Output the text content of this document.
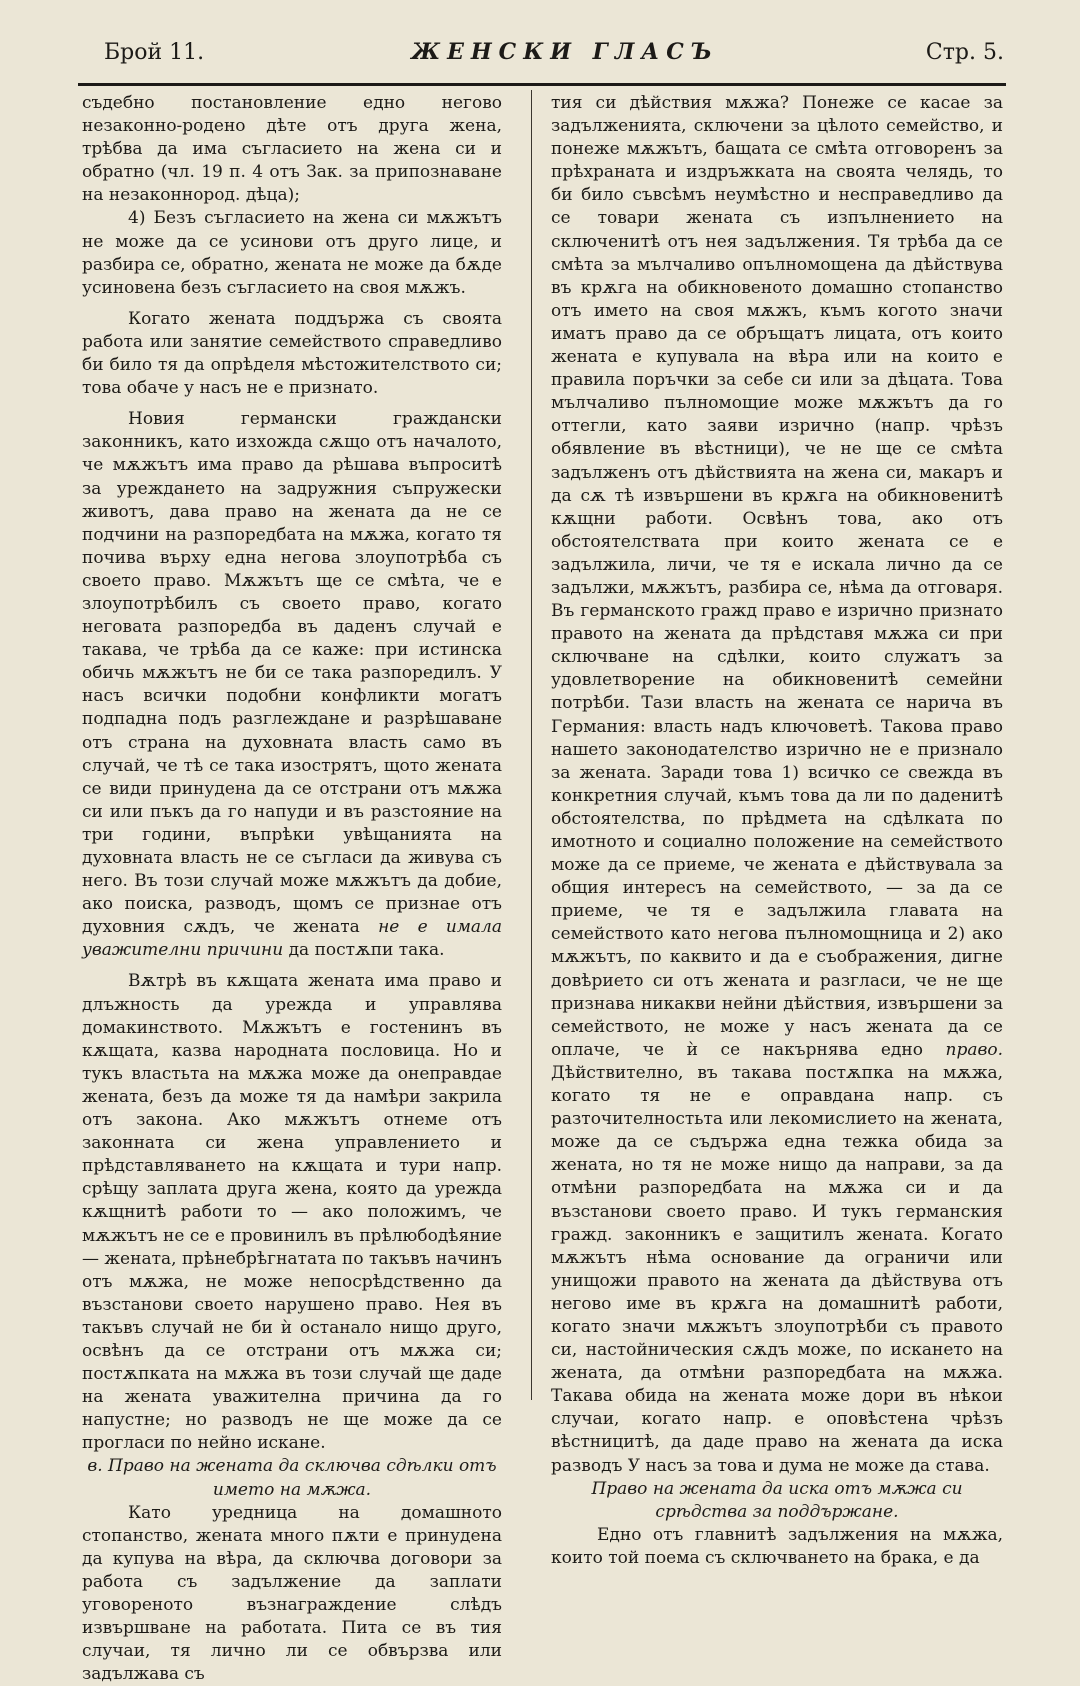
Брой 11.	ЖЕНСКИ ГЛАСЪ	Стр. 5.

съдебно постановление едно негово незаконно-родено дѣте отъ друга жена, трѣбва да има съгласието на жена си и обратно (чл. 19 п. 4 отъ Зак. за припознаване на незаконнород. дѣца);

4) Безъ съгласието на жена си мѫжътъ не може да се усинови отъ друго лице, и разбира се, обратно, жената не може да бѫде усиновена безъ съгласието на своя мѫжъ.

Когато жената поддържа съ своята работа или занятие семейството справедливо би било тя да опрѣделя мѣстожителството си; това обаче у насъ не е признато.

Новия германски граждански законникъ, като изхожда сѫщо отъ началото, че мѫжътъ има право да рѣшава въпроситѣ за уреждането на задружния съпружески животъ, дава право на жената да не се подчини на разпоредбата на мѫжа, когато тя почива върху една негова злоупотрѣба съ своето право. Мѫжътъ ще се смѣта, че е злоупотрѣбилъ съ своето право, когато неговата разпоредба въ даденъ случай е такава, че трѣба да се каже: при истинска обичь мѫжътъ не би се така разпоредилъ. У насъ всички подобни конфликти могатъ подпадна подъ разглеждане и разрѣшаване отъ страна на духовната власть само въ случай, че тѣ се така изострятъ, щото жената се види принудена да се отстрани отъ мѫжа си или пъкъ да го напуди и въ разстояние на три години, въпрѣки увѣщанията на духовната власть не се съгласи да живува съ него. Въ този случай може мѫжътъ да добие, ако поиска, разводъ, щомъ се признае отъ духовния сѫдъ, че жената не е имала уважителни причини да постѫпи така.

Вѫтрѣ въ кѫщата жената има право и длъжность да урежда и управлява домакинството. Мѫжътъ е гостенинъ въ кѫщата, казва народната пословица. Но и тукъ властьта на мѫжа може да онеправдае жената, безъ да може тя да намѣри закрила отъ закона. Ако мѫжътъ отнеме отъ законната си жена управлението и прѣдставляването на кѫщата и тури напр. срѣщу заплата друга жена, която да урежда кѫщнитѣ работи то — ако положимъ, че мѫжътъ не се е провинилъ въ прѣлюбодѣяние — жената, прѣнебрѣгнатата по такъвъ начинъ отъ мѫжа, не може непосрѣдственно да възстанови своето нарушено право. Нея въ такъвъ случай не би ѝ останало нищо друго, освѣнъ да се отстрани отъ мѫжа си; постѫпката на мѫжа въ този случай ще даде на жената уважителна причина да го напустне; но разводъ не ще може да се прогласи по нейно искане.

в. Право на жената да сключва сдѣлки отъ името на мѫжа.

Като уредница на домашното стопанство, жената много пѫти е принудена да купува на вѣра, да сключва договори за работа съ задължение да заплати уговореното възнаграждение слѣдъ извършване на работата. Пита се въ тия случаи, тя лично ли се обвързва или задължава съ

тия си дѣйствия мѫжа? Понеже се касае за задълженията, сключени за цѣлото семейство, и понеже мѫжътъ, бащата се смѣта отговоренъ за прѣхраната и издръжката на своята челядь, то би било съвсѣмъ неумѣстно и несправедливо да се товари жената съ изпълнението на сключенитѣ отъ нея задължения. Тя трѣба да се смѣта за мълчаливо опълномощена да дѣйствува въ крѫга на обикновеното домашно стопанство отъ името на своя мѫжъ, къмъ когото значи иматъ право да се обръщатъ лицата, отъ които жената е купувала на вѣра или на които е правила поръчки за себе си или за дѣцата. Това мълчаливо пълномощие може мѫжътъ да го оттегли, като заяви изрично (напр. чрѣзъ обявление въ вѣстници), че не ще се смѣта задълженъ отъ дѣйствията на жена си, макаръ и да сѫ тѣ извършени въ крѫга на обикновенитѣ кѫщни работи. Освѣнъ това, ако отъ обстоятелствата при които жената се е задължила, личи, че тя е искала лично да се задължи, мѫжътъ, разбира се, нѣма да отговаря. Въ германското гражд право е изрично признато правото на жената да прѣдставя мѫжа си при сключване на сдѣлки, които служатъ за удовлетворение на обикновенитѣ семейни потрѣби. Тази власть на жената се нарича въ Германия: власть надъ ключоветѣ. Такова право нашето законодателство изрично не е признало за жената. Заради това 1) всичко се свежда въ конкретния случай, къмъ това да ли по даденитѣ обстоятелства, по прѣдмета на сдѣлката по имотното и социално положение на семейството може да се приеме, че жената е дѣйствувала за общия интересъ на семейството, — за да се приеме, че тя е задължила главата на семейството като негова пълномощница и 2) ако мѫжътъ, по каквито и да е съображения, дигне довѣрието си отъ жената и разгласи, че не ще признава никакви нейни дѣйствия, извършени за семейството, не може у насъ жената да се оплаче, че ѝ се накърнява едно право. Дѣйствително, въ такава постѫпка на мѫжа, когато тя не е оправдана напр. съ разточителностьта или лекомислието на жената, може да се съдържа една тежка обида за жената, но тя не може нищо да направи, за да отмѣни разпоредбата на мѫжа си и да възстанови своето право. И тукъ германския гражд. законникъ е защитилъ жената. Когато мѫжътъ нѣма основание да ограничи или унищожи правото на жената да дѣйствува отъ негово име въ крѫга на домашнитѣ работи, когато значи мѫжътъ злоупотрѣби съ правото си, настойническия сѫдъ може, по искането на жената, да отмѣни разпоредбата на мѫжа. Такава обида на жената може дори въ нѣкои случаи, когато напр. е оповѣстена чрѣзъ вѣстницитѣ, да даде право на жената да иска разводъ У насъ за това и дума не може да става.

Право на жената да иска отъ мѫжа си срѣдства за поддържане.

Едно отъ главнитѣ задължения на мѫжа, които той поема съ сключването на брака, е да
